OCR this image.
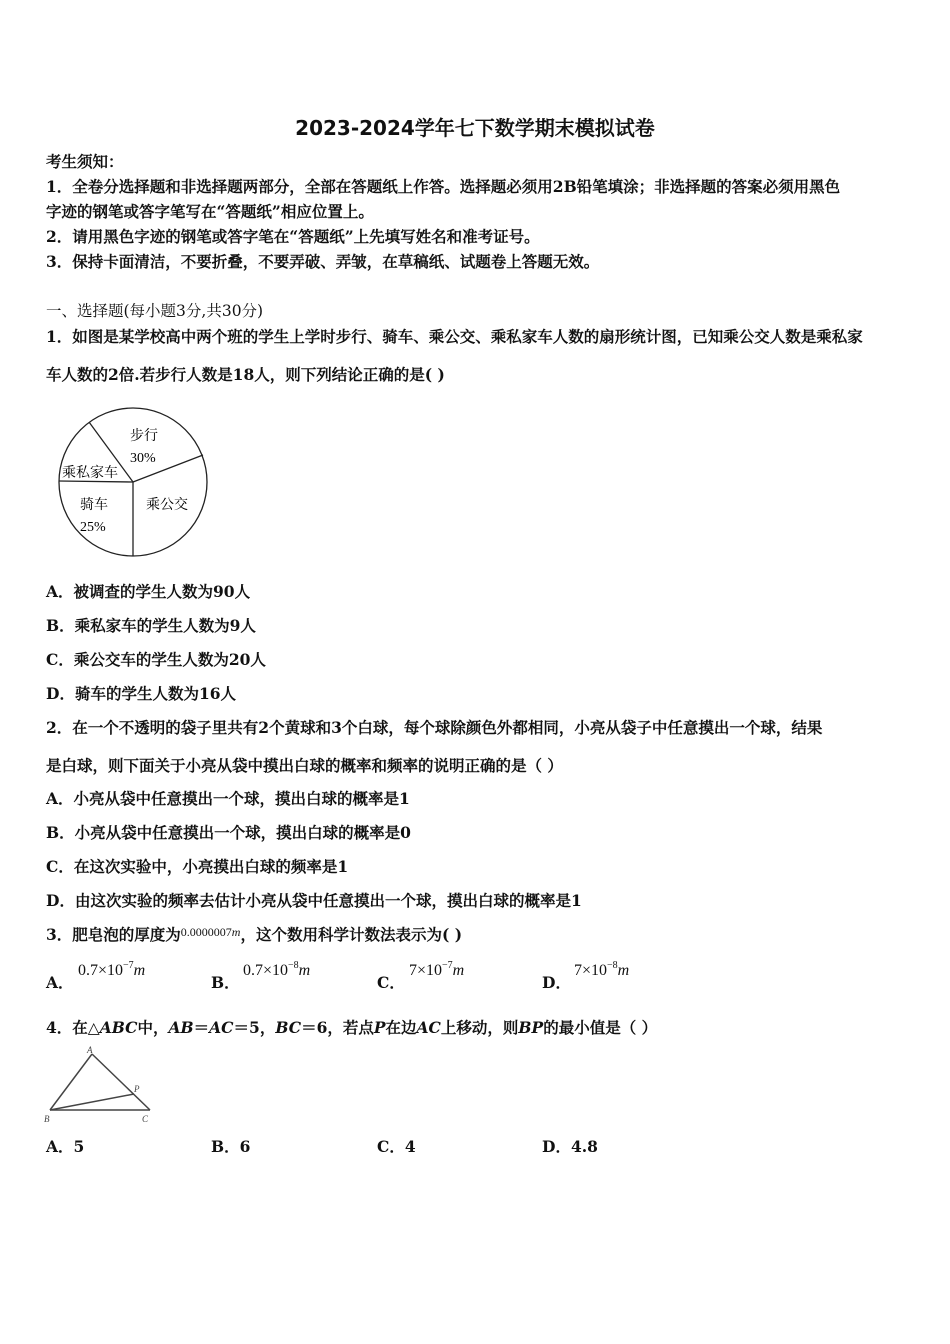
2023-2024学年七下数学期末模拟试卷
考生须知：
1．全卷分选择题和非选择题两部分，全部在答题纸上作答。选择题必须用2B铅笔填涂；非选择题的答案必须用黑色
字迹的钢笔或答字笔写在“答题纸”相应位置上。
2．请用黑色字迹的钢笔或答字笔在“答题纸”上先填写姓名和准考证号。
3．保持卡面清洁，不要折叠，不要弄破、弄皱，在草稿纸、试题卷上答题无效。
一、选择题(每小题3分,共30分)
1．如图是某学校高中两个班的学生上学时步行、骑车、乘公交、乘私家车人数的扇形统计图，已知乘公交人数是乘私家
车人数的2倍.若步行人数是18人，则下列结论正确的是( )
步行
30%
乘私家车
骑车
25%
乘公交
A．被调查的学生人数为90人
B．乘私家车的学生人数为9人
C．乘公交车的学生人数为20人
D．骑车的学生人数为16人
2．在一个不透明的袋子里共有2个黄球和3个白球，每个球除颜色外都相同，小亮从袋子中任意摸出一个球，结果
是白球，则下面关于小亮从袋中摸出白球的概率和频率的说明正确的是（ ）
A．小亮从袋中任意摸出一个球，摸出白球的概率是1
B．小亮从袋中任意摸出一个球，摸出白球的概率是0
C．在这次实验中，小亮摸出白球的频率是1
D．由这次实验的频率去估计小亮从袋中任意摸出一个球，摸出白球的概率是1
3．肥皂泡的厚度为$^{0.0000007m}$，这个数用科学计数法表示为( )
A．
$0.7\times 10^{-7}m$
B．
$0.7\times 10^{-8}m$
C．
$7\times 10^{-7}m$
D．
$7\times 10^{-8}m$
4．在△ABC中，AB＝AC＝5，BC＝6，若点P在边AC上移动，则BP的最小值是（ ）
A
B	C
P
A．5	B．6	C．4	D．4.8
